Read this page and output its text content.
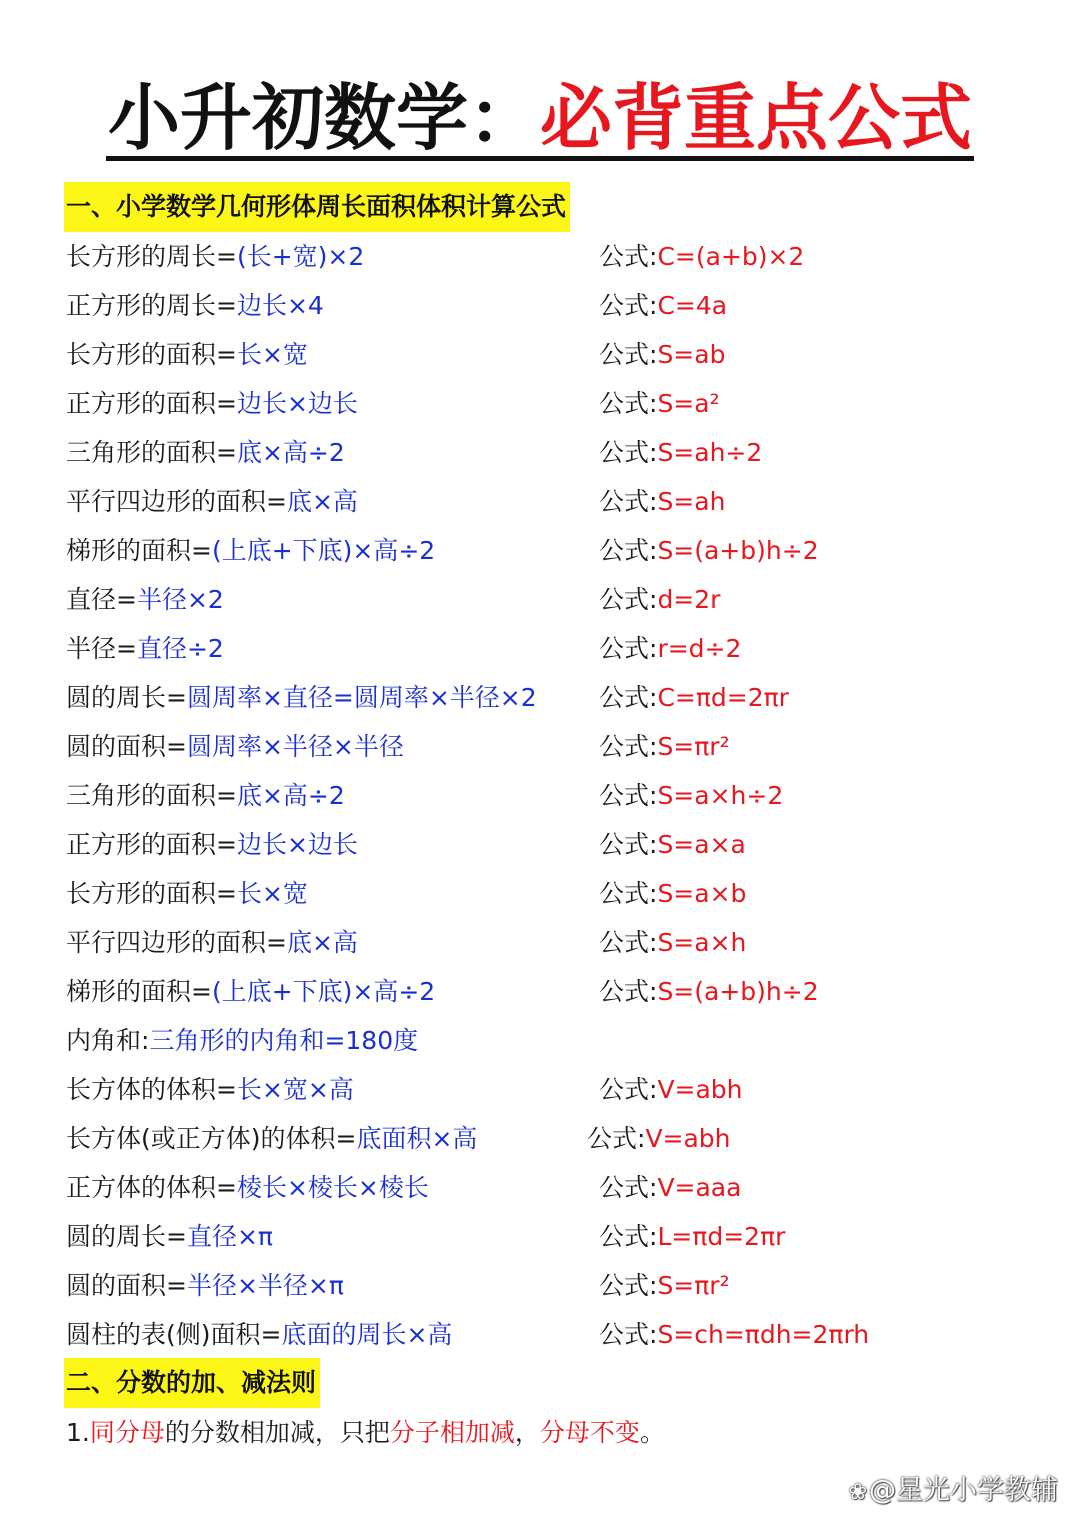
小升初数学：必背重点公式
一、小学数学几何形体周长面积体积计算公式
长方形的周长=(长+宽)×2	公式:C=(a+b)×2
正方形的周长=边长×4	公式:C=4a
长方形的面积=长×宽	公式:S=ab
正方形的面积=边长×边长	公式:S=a²
三角形的面积=底×高÷2	公式:S=ah÷2
平行四边形的面积=底×高	公式:S=ah
梯形的面积=(上底+下底)×高÷2	公式:S=(a+b)h÷2
直径=半径×2	公式:d=2r
半径=直径÷2	公式:r=d÷2
圆的周长=圆周率×直径=圆周率×半径×2 公式:C=πd=2πr
圆的面积=圆周率×半径×半径	公式:S=πr²
三角形的面积=底×高÷2	公式:S=a×h÷2
正方形的面积=边长×边长	公式:S=a×a
长方形的面积=长×宽	公式:S=a×b
平行四边形的面积=底×高	公式:S=a×h
梯形的面积=(上底+下底)×高÷2	公式:S=(a+b)h÷2
内角和:三角形的内角和=180度
长方体的体积=长×宽×高	公式:V=abh
长方体(或正方体)的体积=底面积×高	公式:V=abh
正方体的体积=棱长×棱长×棱长	公式:V=aaa
圆的周长=直径×π	公式:L=πd=2πr
圆的面积=半径×半径×π	公式:S=πr²
圆柱的表(侧)面积=底面的周长×高	公式:S=ch=πdh=2πrh
二、分数的加、减法则
1.同分母的分数相加减，只把分子相加减，分母不变。
❀@星光小学教辅
